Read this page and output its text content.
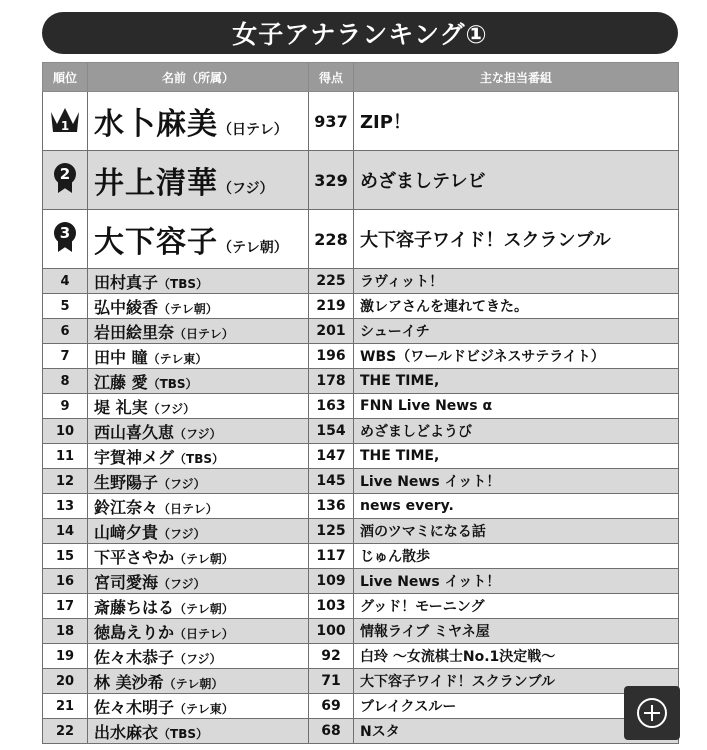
女子アナランキング①
順位	名前（所属）	得点	主な担当番組

1	水卜麻美（日テレ）	937	ZIP！

2	井上清華（フジ）	329	めざましテレビ

3	大下容子（テレ朝）	228	大下容子ワイド！スクランブル
4	田村真子（TBS）	225	ラヴィット！
5	弘中綾香（テレ朝）	219	激レアさんを連れてきた。
6	岩田絵里奈（日テレ）	201	シューイチ
7	田中 瞳（テレ東）	196	WBS（ワールドビジネスサテライト）
8	江藤 愛（TBS）	178	THE TIME,
9	堤 礼実（フジ）	163	FNN Live News α
10	西山喜久恵（フジ）	154	めざましどようび
11	宇賀神メグ（TBS）	147	THE TIME,
12	生野陽子（フジ）	145	Live News イット！
13	鈴江奈々（日テレ）	136	news every.
14	山﨑夕貴（フジ）	125	酒のツマミになる話
15	下平さやか（テレ朝）	117	じゅん散歩
16	宮司愛海（フジ）	109	Live News イット！
17	斎藤ちはる（テレ朝）	103	グッド！モーニング
18	徳島えりか（日テレ）	100	情報ライブ ミヤネ屋
19	佐々木恭子（フジ）	92	白玲 ～女流棋士No.1決定戦～
20	林 美沙希（テレ朝）	71	大下容子ワイド！スクランブル
21	佐々木明子（テレ東）	69	ブレイクスルー
22	出水麻衣（TBS）	68	Nスタ
